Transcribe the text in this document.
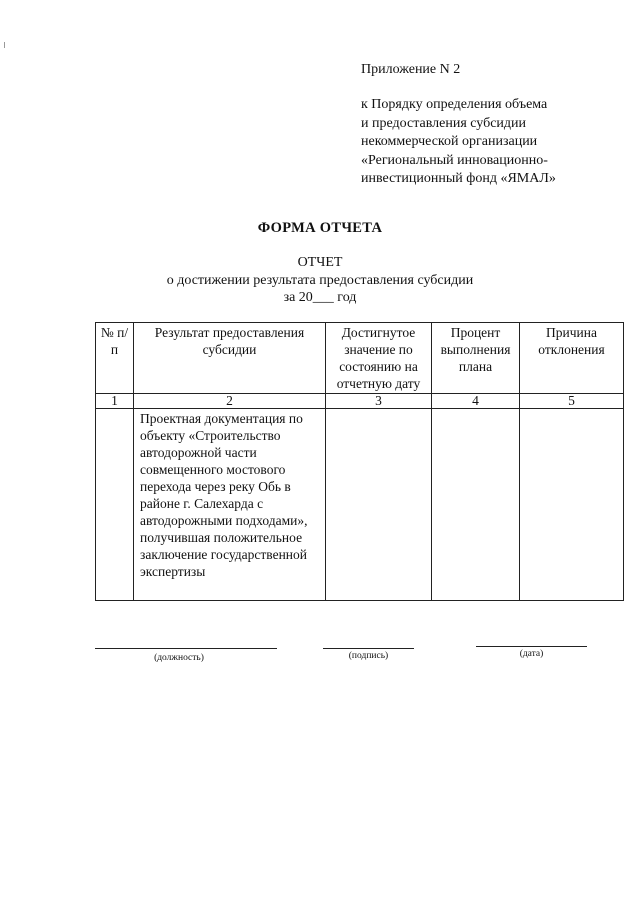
Приложение N 2
к Порядку определения объема
и предоставления субсидии
некоммерческой организации
«Региональный инновационно-
инвестиционный фонд «ЯМАЛ»
ФОРМА ОТЧЕТА
ОТЧЕТ
о достижении результата предоставления субсидии
за 20___ год
№ п/п	Результат предоставления субсидии	Достигнутое значение по состоянию на отчетную дату	Процент выполнения плана	Причина отклонения
1	2	3	4	5
	Проектная документация по объекту «Строительство автодорожной части совмещенного мостового перехода через реку Обь в районе г. Салехарда с автодорожными подходами», получившая положительное заключение государственной экспертизы			
(должность)	(подпись)	(дата)
